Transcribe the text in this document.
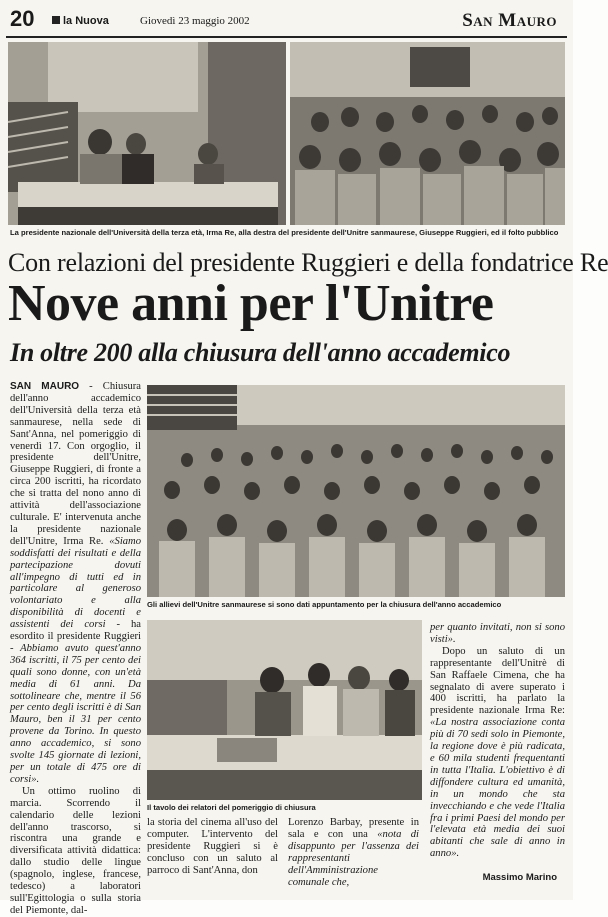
20	la Nuova	Giovedì 23 maggio 2002	San Mauro
La presidente nazionale dell'Università della terza età, Irma Re, alla destra del presidente dell'Unitre sanmaurese, Giuseppe Ruggieri, ed il folto pubblico
Con relazioni del presidente Ruggieri e della fondatrice Re
Nove anni per l'Unitre
In oltre 200 alla chiusura dell'anno accademico

SAN MAURO - Chiusura dell'anno accademico dell'Università della terza età sanmaurese, nella sede di Sant'Anna, nel pomeriggio di venerdì 17. Con orgoglio, il presidente dell'Unitre, Giuseppe Ruggieri, di fronte a circa 200 iscritti, ha ricordato che si tratta del nono anno di attività dell'associazione culturale. E' intervenuta anche la presidente nazionale dell'Unitre, Irma Re. «Siamo soddisfatti dei risultati e della partecipazione dovuti all'impegno di tutti ed in particolare al generoso volontariato e alla disponibilità di docenti e assistenti dei corsi - ha esordito il presidente Ruggieri - Abbiamo avuto quest'anno 364 iscritti, il 75 per cento dei quali sono donne, con un'età media di 61 anni. Da sottolineare che, mentre il 56 per cento degli iscritti è di San Mauro, ben il 31 per cento provene da Torino. In questo anno accademico, si sono svolte 145 giornate di lezioni, per un totale di 475 ore di corsi».

Un ottimo ruolino di marcia. Scorrendo il calendario delle lezioni dell'anno trascorso, si riscontra una grande e diversificata attività didattica: dallo studio delle lingue (spagnolo, inglese, francese, tedesco) a laboratori sull'Egittologia o sulla storia del Piemonte, dal-

Gli allievi dell'Unitre sanmaurese si sono dati appuntamento per la chiusura dell'anno accademico
Il tavolo dei relatori del pomeriggio di chiusura

la storia del cinema all'uso del computer. L'intervento del presidente Ruggieri si è concluso con un saluto al parroco di Sant'Anna, don

Lorenzo Barbay, presente in sala e con una «nota di disappunto per l'assenza dei rappresentanti dell'Amministrazione comunale che,

per quanto invitati, non si sono visti».

Dopo un saluto di un rappresentante dell'Unitrè di San Raffaele Cimena, che ha segnalato di avere superato i 400 iscritti, ha parlato la presidente nazionale Irma Re: «La nostra associazione conta più di 70 sedi solo in Piemonte, la regione dove è più radicata, e 60 mila studenti frequentanti in tutta l'Italia. L'obiettivo è di diffondere cultura ed umanità, in un mondo che sta invecchiando e che vede l'Italia fra i primi Paesi del mondo per l'elevata età media dei suoi abitanti che sale di anno in anno».

Massimo Marino
